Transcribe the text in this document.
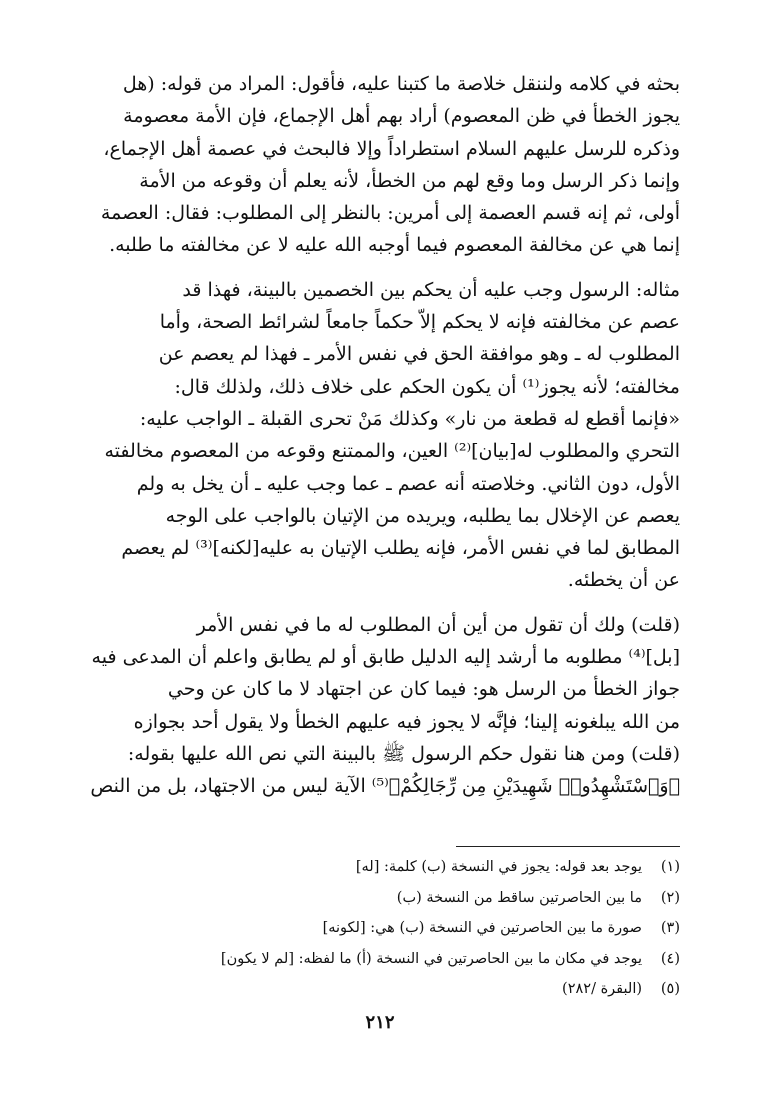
بحثه في كلامه ولننقل خلاصة ما كتبنا عليه، فأقول: المراد من قوله: (هل

يجوز الخطأ في ظن المعصوم) أراد بهم أهل الإجماع، فإن الأمة معصومة

وذكره للرسل عليهم السلام استطراداً وإلا فالبحث في عصمة أهل الإجماع،

وإنما ذكر الرسل وما وقع لهم من الخطأ، لأنه يعلم أن وقوعه من الأمة

أولى، ثم إنه قسم العصمة إلى أمرين: بالنظر إلى المطلوب: فقال: العصمة

إنما هي عن مخالفة المعصوم فيما أوجبه الله عليه لا عن مخالفته ما طلبه.

مثاله: الرسول وجب عليه أن يحكم بين الخصمين بالبينة، فهذا قد

عصم عن مخالفته فإنه لا يحكم إلاّ حكماً جامعاً لشرائط الصحة، وأما

المطلوب له ـ وهو موافقة الحق في نفس الأمر ـ فهذا لم يعصم عن

مخالفته؛ لأنه يجوز⁽¹⁾ أن يكون الحكم على خلاف ذلك، ولذلك قال:

«فإنما أقطع له قطعة من نار» وكذلك مَنْ تحرى القبلة ـ الواجب عليه:

التحري والمطلوب له[بيان]⁽²⁾ العين، والممتنع وقوعه من المعصوم مخالفته

الأول، دون الثاني. وخلاصته أنه عصم ـ عما وجب عليه ـ أن يخل به ولم

يعصم عن الإخلال بما يطلبه، ويريده من الإتيان بالواجب على الوجه

المطابق لما في نفس الأمر، فإنه يطلب الإتيان به عليه[لكنه]⁽³⁾ لم يعصم

عن أن يخطئه.

(قلت) ولك أن تقول من أين أن المطلوب له ما في نفس الأمر

[بل]⁽⁴⁾ مطلوبه ما أرشد إليه الدليل طابق أو لم يطابق واعلم أن المدعى فيه

جواز الخطأ من الرسل هو: فيما كان عن اجتهاد لا ما كان عن وحي

من الله يبلغونه إلينا؛ فإنَّه لا يجوز فيه عليهم الخطأ ولا يقول أحد بجوازه

(قلت) ومن هنا نقول حكم الرسول ﷺ بالبينة التي نص الله عليها بقوله:

﴿وَٱسْتَشْهِدُوا۟ شَهِيدَيْنِ مِن رِّجَالِكُمْ﴾⁽⁵⁾ الآية ليس من الاجتهاد، بل من النص

(١)
يوجد بعد قوله: يجوز في النسخة (ب) كلمة: [له]
(٢)
ما بين الحاصرتين ساقط من النسخة (ب)
(٣)
صورة ما بين الحاصرتين في النسخة (ب) هي: [لكونه]
(٤)
يوجد في مكان ما بين الحاصرتين في النسخة (أ) ما لفظه: [لم لا يكون]
(٥)
(البقرة /٢٨٢)
٢١٢
